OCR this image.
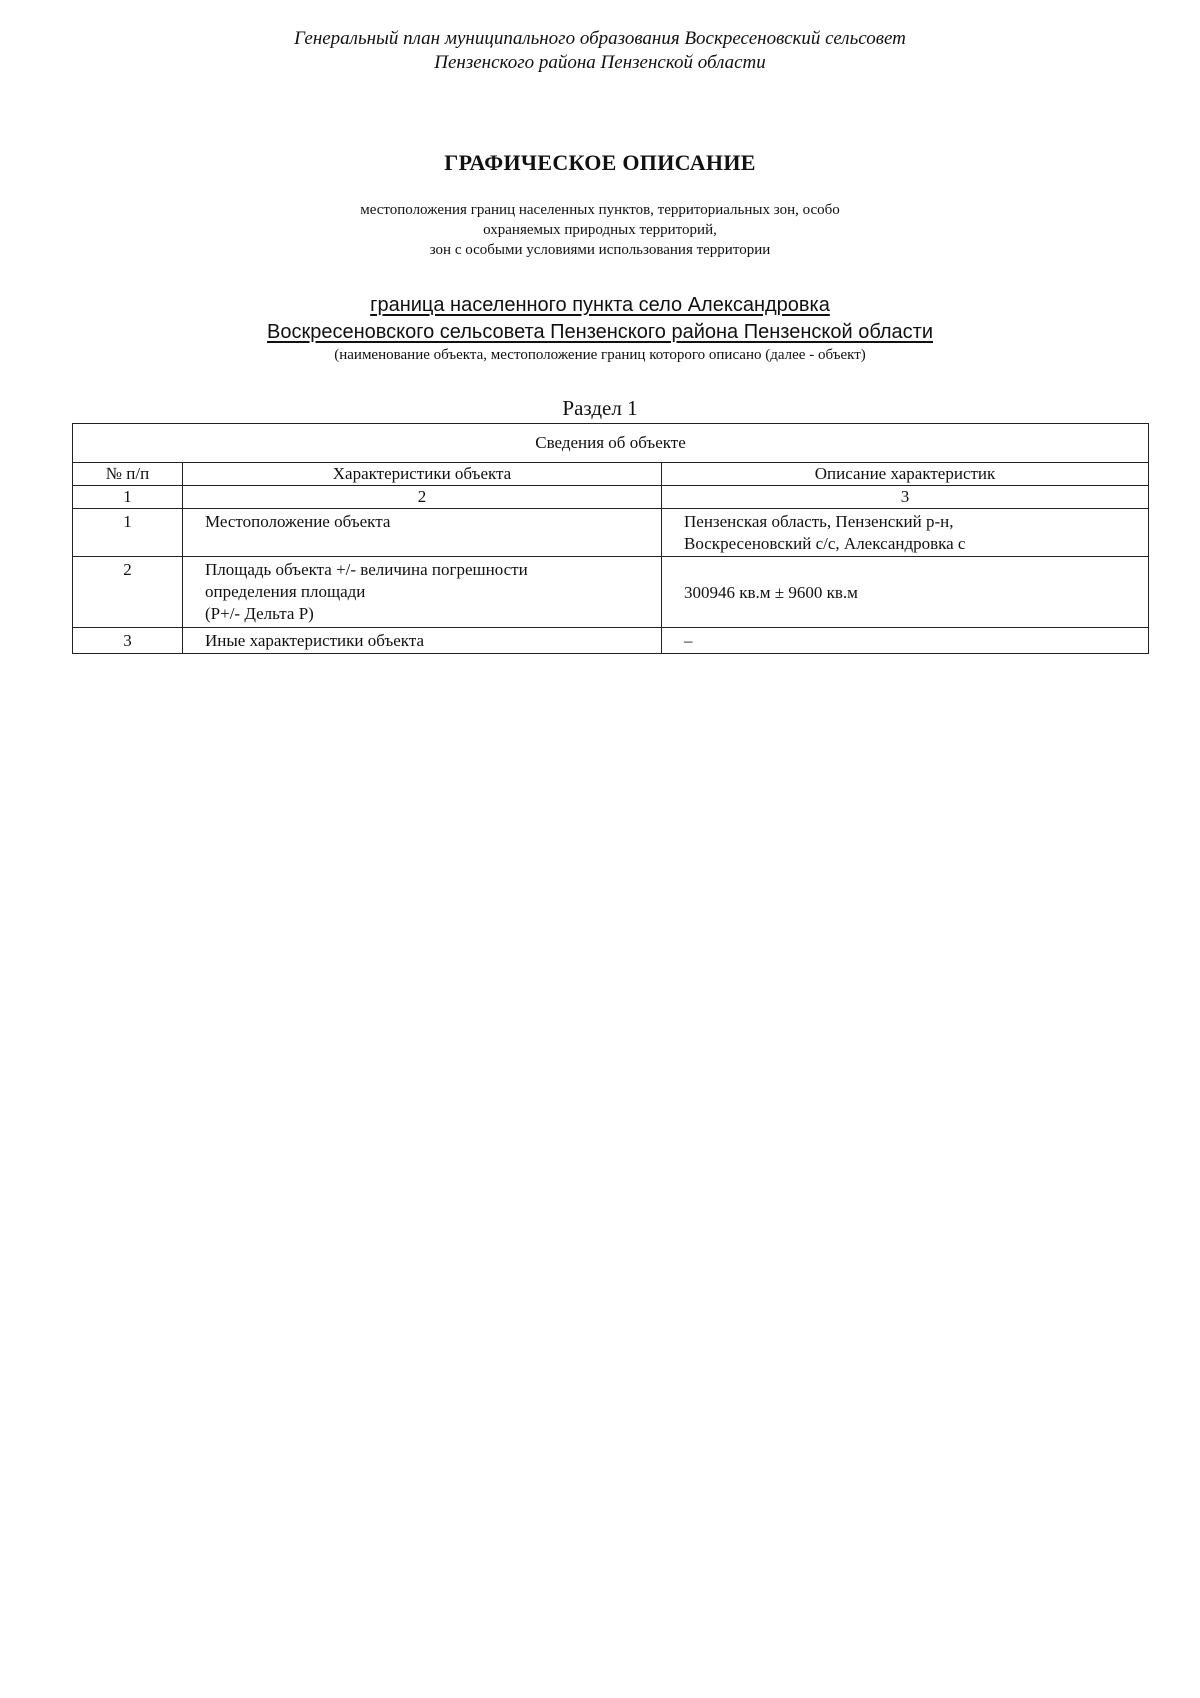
Генеральный план муниципального образования Воскресеновский сельсовет
Пензенского района Пензенской области
ГРАФИЧЕСКОЕ ОПИСАНИЕ
местоположения границ населенных пунктов, территориальных зон, особо
охраняемых природных территорий,
зон с особыми условиями использования территории
граница населенного пункта село Александровка
Воскресеновского сельсовета Пензенского района Пензенской области
(наименование объекта, местоположение границ которого описано (далее - объект)
Раздел 1
Сведения об объекте		
№ п/п	Характеристики объекта	Описание характеристик
1	2	3
1	Местоположение объекта	Пензенская область, Пензенский р-н,
Воскресеновский с/с, Александровка с

2	Площадь объекта +/- величина погрешности
определения площади
(P+/- Дельта P)	300946 кв.м ± 9600 кв.м

3	Иные характеристики объекта	–
